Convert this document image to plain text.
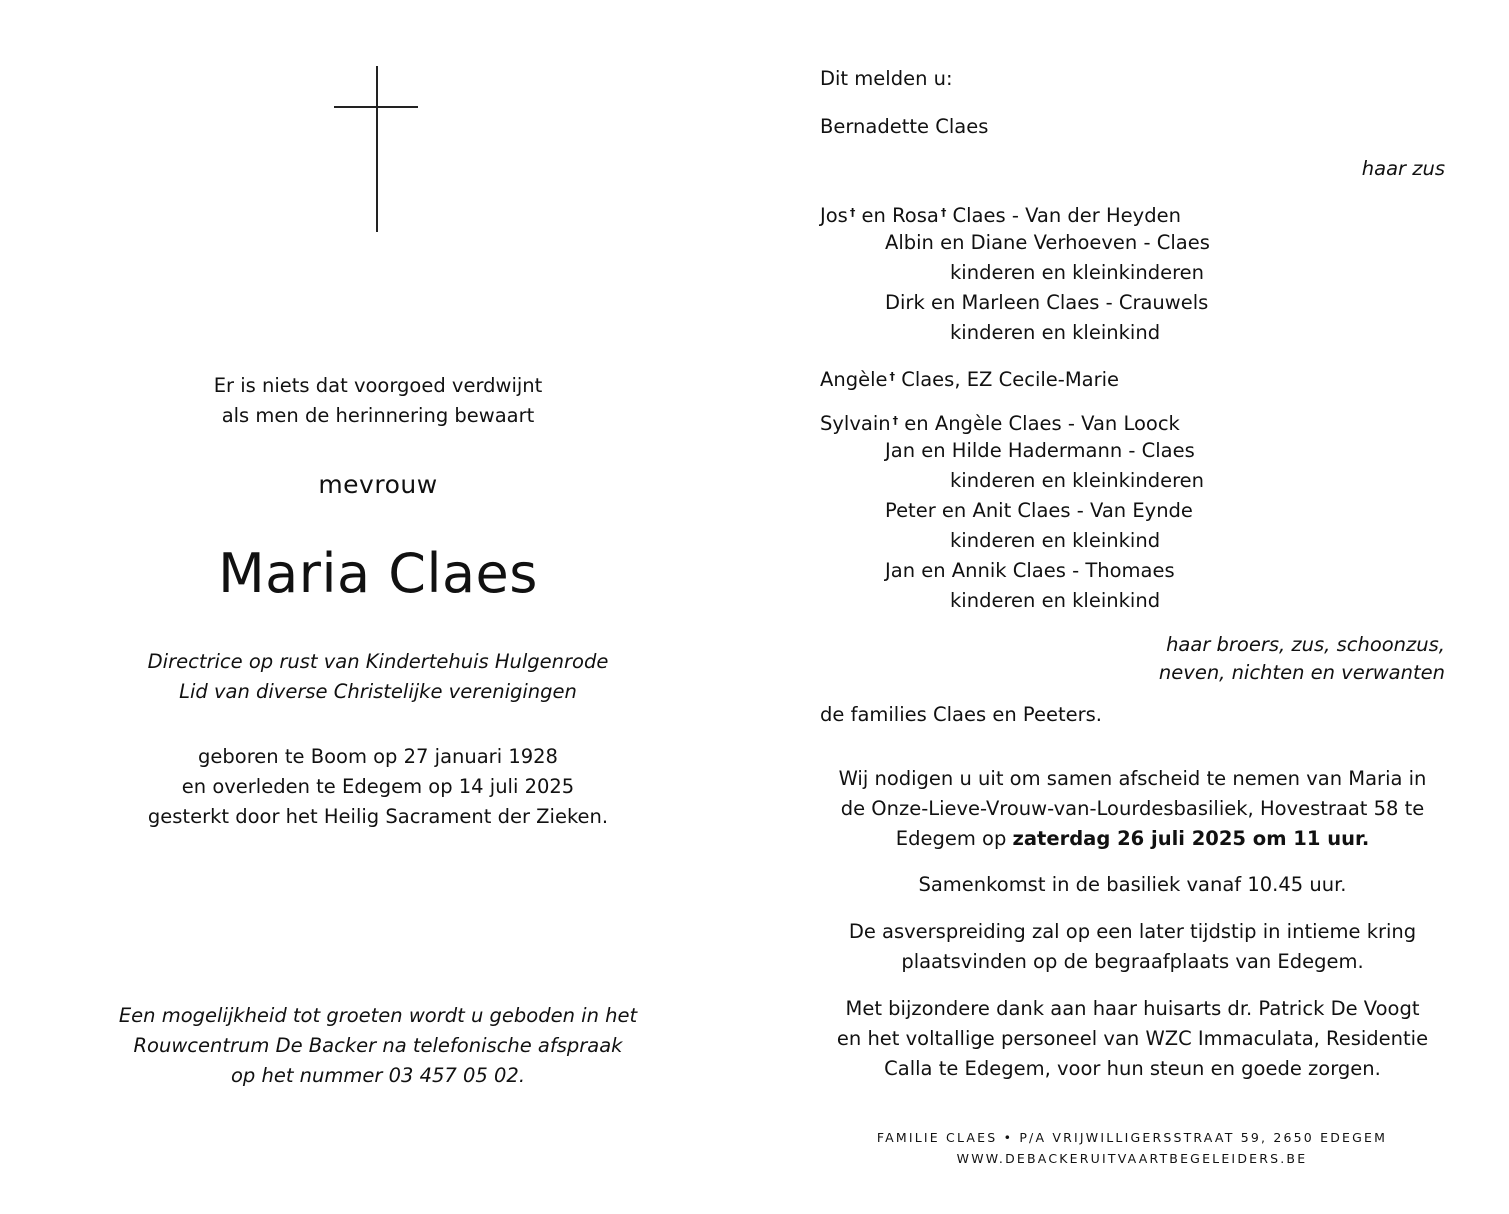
Er is niets dat voorgoed verdwijnt
als men de herinnering bewaart
mevrouw
Maria Claes
Directrice op rust van Kindertehuis Hulgenrode
Lid van diverse Christelijke verenigingen
geboren te Boom op 27 januari 1928
en overleden te Edegem op 14 juli 2025
gesterkt door het Heilig Sacrament der Zieken.
Een mogelijkheid tot groeten wordt u geboden in het
Rouwcentrum De Backer na telefonische afspraak
op het nummer 03 457 05 02.
Dit melden u:
Bernadette Claes
haar zus
Jos † en Rosa † Claes - Van der Heyden
Albin en Diane Verhoeven - Claes
kinderen en kleinkinderen
Dirk en Marleen Claes - Crauwels
kinderen en kleinkind
Angèle † Claes, EZ Cecile-Marie
Sylvain † en Angèle Claes - Van Loock
Jan en Hilde Hadermann - Claes
kinderen en kleinkinderen
Peter en Anit Claes - Van Eynde
kinderen en kleinkind
Jan en Annik Claes - Thomaes
kinderen en kleinkind
haar broers, zus, schoonzus,
neven, nichten en verwanten
de families Claes en Peeters.
Wij nodigen u uit om samen afscheid te nemen van Maria in
de Onze-Lieve-Vrouw-van-Lourdesbasiliek, Hovestraat 58 te
Edegem op zaterdag 26 juli 2025 om 11 uur.
Samenkomst in de basiliek vanaf 10.45 uur.
De asverspreiding zal op een later tijdstip in intieme kring
plaatsvinden op de begraafplaats van Edegem.
Met bijzondere dank aan haar huisarts dr. Patrick De Voogt
en het voltallige personeel van WZC Immaculata, Residentie
Calla te Edegem, voor hun steun en goede zorgen.
FAMILIE CLAES • P/A VRIJWILLIGERSSTRAAT 59, 2650 EDEGEM
WWW.DEBACKERUITVAARTBEGELEIDERS.BE
